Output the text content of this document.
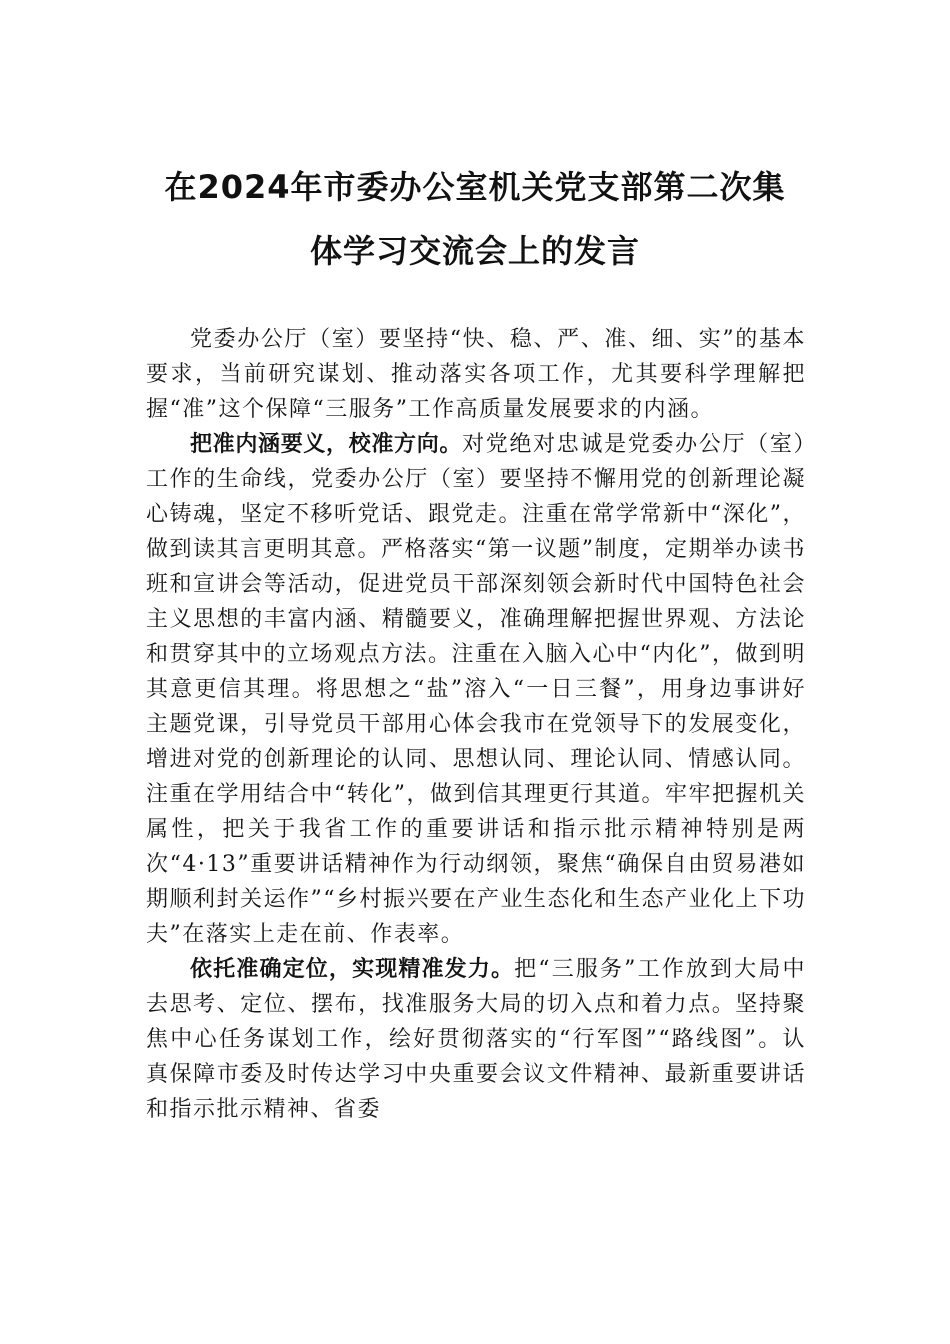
在2024年市委办公室机关党支部第二次集
体学习交流会上的发言

党委办公厅（室）要坚持“快、稳、严、准、细、实”的基本要求，当前研究谋划、推动落实各项工作，尤其要科学理解把握“准”这个保障“三服务”工作高质量发展要求的内涵。

把准内涵要义，校准方向。对党绝对忠诚是党委办公厅（室）工作的生命线，党委办公厅（室）要坚持不懈用党的创新理论凝心铸魂，坚定不移听党话、跟党走。注重在常学常新中“深化”，做到读其言更明其意。严格落实“第一议题”制度，定期举办读书班和宣讲会等活动，促进党员干部深刻领会新时代中国特色社会主义思想的丰富内涵、精髓要义，准确理解把握世界观、方法论和贯穿其中的立场观点方法。注重在入脑入心中“内化”，做到明其意更信其理。将思想之“盐”溶入“一日三餐”，用身边事讲好主题党课，引导党员干部用心体会我市在党领导下的发展变化，增进对党的创新理论的认同、思想认同、理论认同、情感认同。注重在学用结合中“转化”，做到信其理更行其道。牢牢把握机关属性，把关于我省工作的重要讲话和指示批示精神特别是两次“4·13”重要讲话精神作为行动纲领，聚焦“确保自由贸易港如期顺利封关运作”“乡村振兴要在产业生态化和生态产业化上下功夫”在落实上走在前、作表率。

依托准确定位，实现精准发力。把“三服务”工作放到大局中去思考、定位、摆布，找准服务大局的切入点和着力点。坚持聚焦中心任务谋划工作，绘好贯彻落实的“行军图”“路线图”。认真保障市委及时传达学习中央重要会议文件精神、最新重要讲话和指示批示精神、省委
